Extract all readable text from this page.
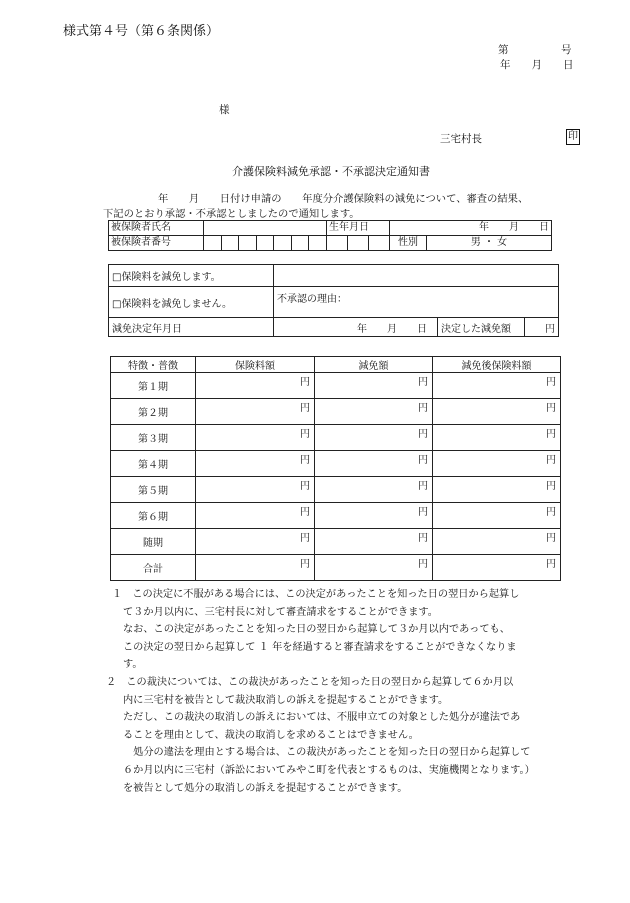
様式第４号（第６条関係）
第　　　　　号
年　　月　　日
様
三宅村長	印
介護保険料減免承認・不承認決定通知書
年　　月　　日付け申請の　　年度分介護保険料の減免について、審査の結果、
下記のとおり承認・不承認としましたので通知します。
被保険者氏名								生年月日			年　　月　　日	
被保険者番号											性別	男 ・ 女
□保険料を減免します。			
□保険料を減免しません。	不承認の理由：		
減免決定年月日	年　　月　　日	決定した減免額	円
特徴・普徴	保険料額	減免額	減免後保険料額
第１期	円	円	円
第２期	円	円	円
第３期	円	円	円
第４期	円	円	円
第５期	円	円	円
第６期	円	円	円
随期	円	円	円
合計	円	円	円

１　この決定に不服がある場合には、この決定があったことを知った日の翌日から起算し

て３か月以内に、三宅村長に対して審査請求をすることができます。

なお、この決定があったことを知った日の翌日から起算して３か月以内であっても、

この決定の翌日から起算して １ 年を経過すると審査請求をすることができなくなりま

す。

２　この裁決については、この裁決があったことを知った日の翌日から起算して６か月以

内に三宅村を被告として裁決取消しの訴えを提起することができます。

ただし、この裁決の取消しの訴えにおいては、不服申立ての対象とした処分が違法であ

ることを理由として、裁決の取消しを求めることはできません。

　処分の違法を理由とする場合は、この裁決があったことを知った日の翌日から起算して

６か月以内に三宅村（訴訟においてみやこ町を代表とするものは、実施機関となります。）

を被告として処分の取消しの訴えを提起することができます。
